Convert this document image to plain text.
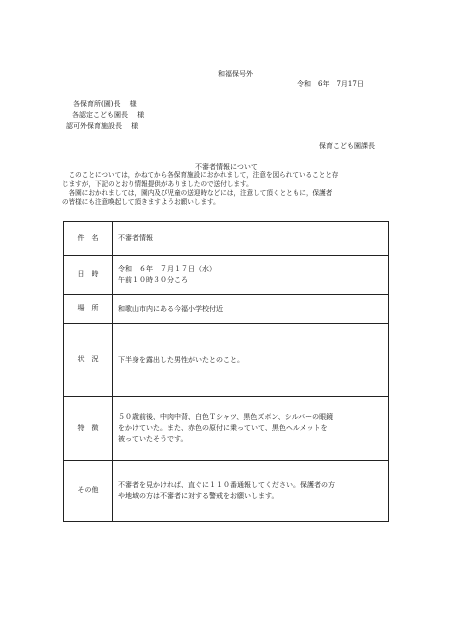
和福保号外
令和　6年　7月17日
各保育所(園)長　 様
各認定こども園長　 様
認可外保育施設長　 様
保育こども園課長
不審者情報について
　このことについては，かねてから各保育施設におかれまして，注意を図られていることと存
じますが，下記のとおり情報提供がありましたので送付します。
　各園におかれましては，園内及び児童の送迎時などには，注意して頂くとともに，保護者
の皆様にも注意喚起して頂きますようお願いします。
件　名	不審者情報

日　時	令和　６年　７月１７日（水）
午前１０時３０分ころ

場　所	和歌山市内にある今福小学校付近

状　況	下半身を露出した男性がいたとのこと。

特　徴	５０歳前後、中肉中背、白色Ｔシャツ、黒色ズボン、シルバーの眼鏡
をかけていた。また、赤色の原付に乗っていて、黒色ヘルメットを
被っていたそうです。

その他	不審者を見かければ、直ぐに１１０番通報してください。保護者の方
や地域の方は不審者に対する警戒をお願いします。
